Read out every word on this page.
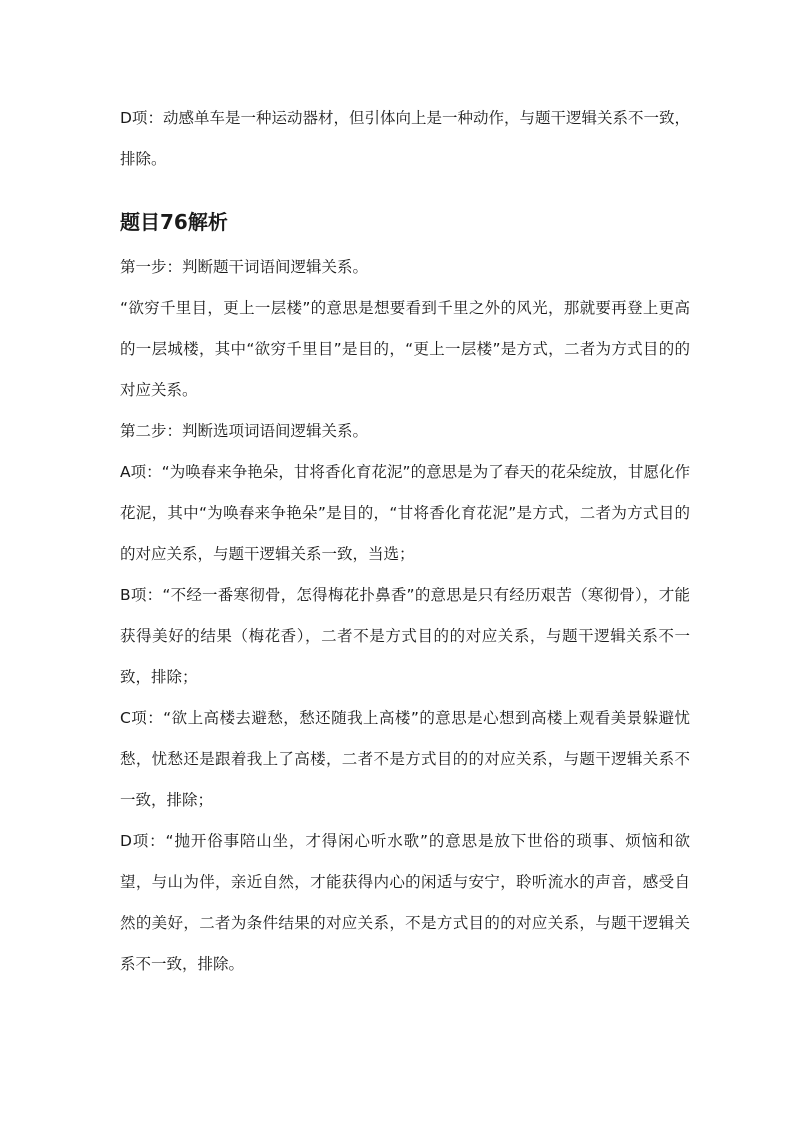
D项：动感单车是一种运动器材，但引体向上是一种动作，与题干逻辑关系不一致，排除。

题目76解析

第一步：判断题干词语间逻辑关系。

“欲穷千里目，更上一层楼”的意思是想要看到千里之外的风光，那就要再登上更高的一层城楼，其中“欲穷千里目”是目的，“更上一层楼”是方式，二者为方式目的的对应关系。

第二步：判断选项词语间逻辑关系。

A项：“为唤春来争艳朵，甘将香化育花泥”的意思是为了春天的花朵绽放，甘愿化作花泥，其中“为唤春来争艳朵”是目的，“甘将香化育花泥”是方式，二者为方式目的的对应关系，与题干逻辑关系一致，当选；

B项：“不经一番寒彻骨，怎得梅花扑鼻香”的意思是只有经历艰苦（寒彻骨），才能获得美好的结果（梅花香），二者不是方式目的的对应关系，与题干逻辑关系不一致，排除；

C项：“欲上高楼去避愁，愁还随我上高楼”的意思是心想到高楼上观看美景躲避忧愁，忧愁还是跟着我上了高楼，二者不是方式目的的对应关系，与题干逻辑关系不一致，排除；

D项：“抛开俗事陪山坐，才得闲心听水歌”的意思是放下世俗的琐事、烦恼和欲望，与山为伴，亲近自然，才能获得内心的闲适与安宁，聆听流水的声音，感受自然的美好，二者为条件结果的对应关系，不是方式目的的对应关系，与题干逻辑关系不一致，排除。
